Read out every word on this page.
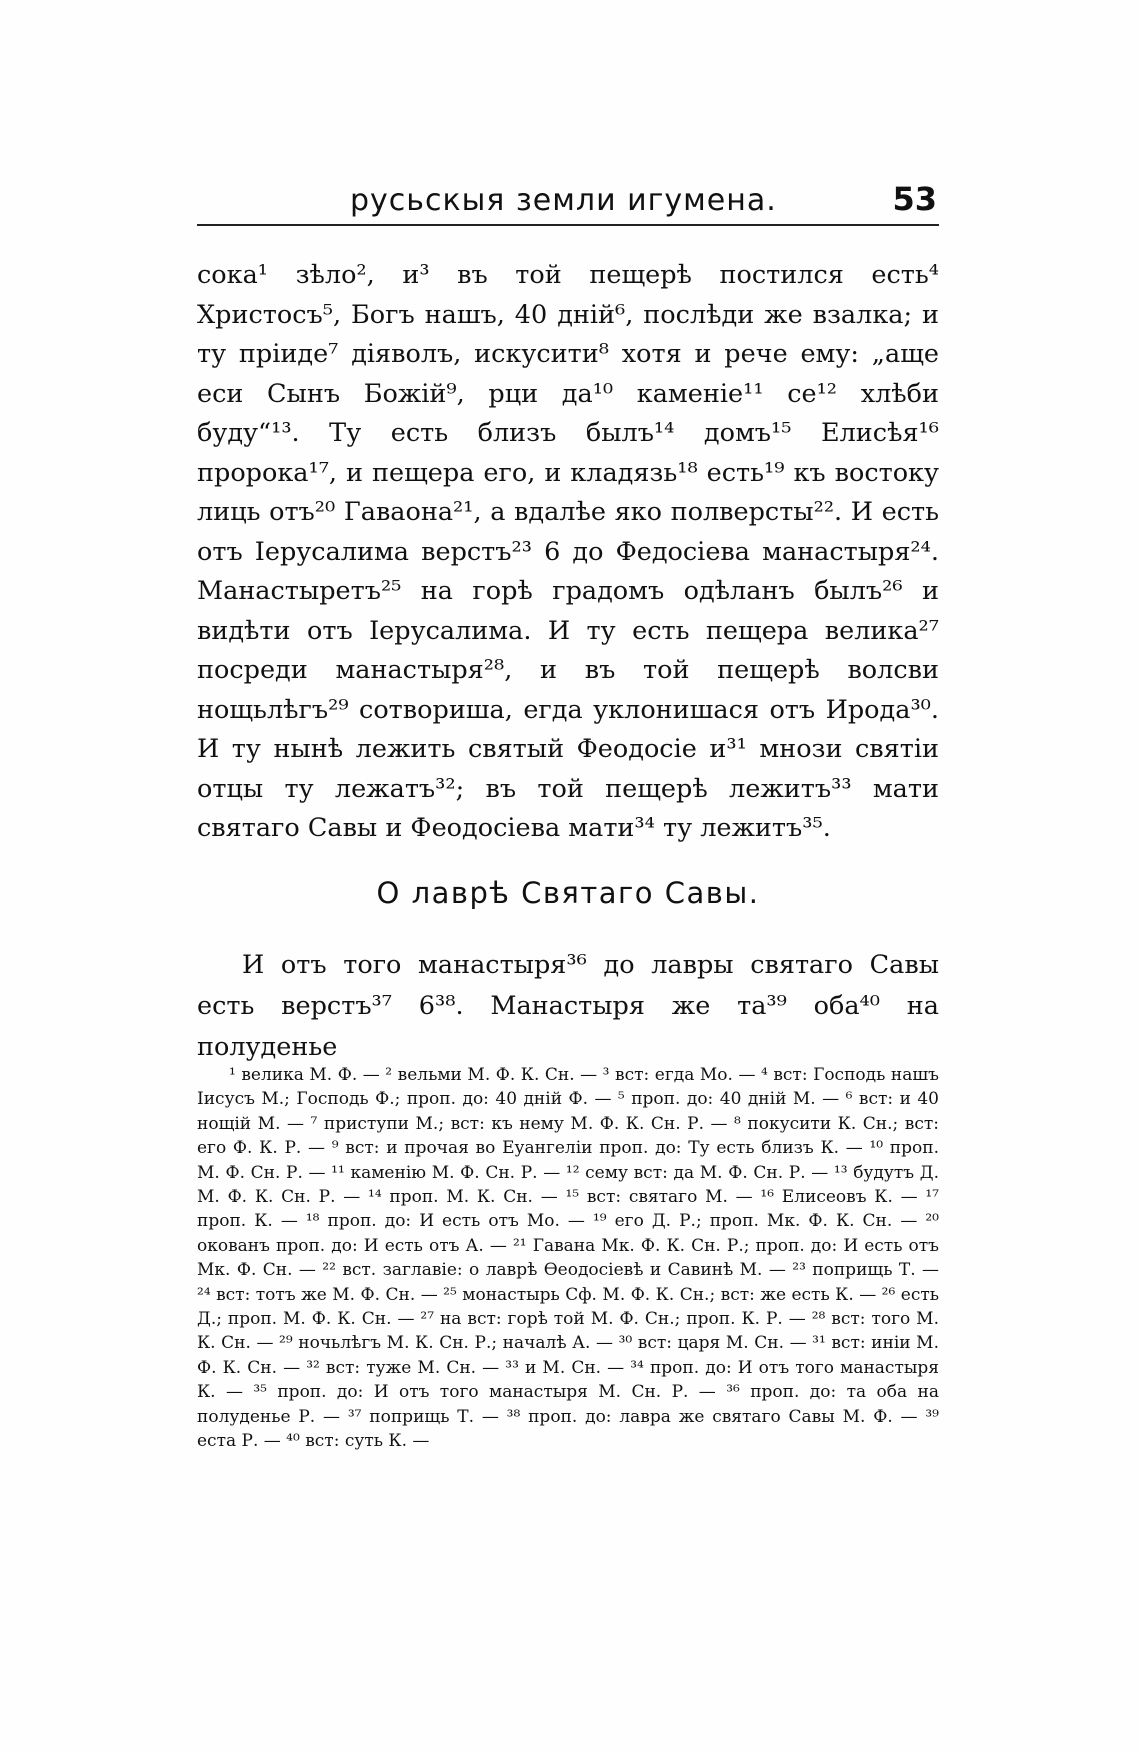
русьскыя земли игумена.	53

сока¹ зѣло², и³ въ той пещерѣ постился есть⁴ Христосъ⁵, Богъ нашъ, 40 днiй⁶, послѣди же взалка; и ту прiиде⁷ дiяволъ, искусити⁸ хотя и рече ему: „аще еси Сынъ Божiй⁹, рци да¹⁰ каменiе¹¹ се¹² хлѣби буду“¹³. Ту есть близъ былъ¹⁴ домъ¹⁵ Елисѣя¹⁶ пророка¹⁷, и пещера его, и кладязь¹⁸ есть¹⁹ къ востоку лиць отъ²⁰ Гаваона²¹, а вдалѣе яко полверсты²². И есть отъ Iерусалима верстъ²³ 6 до Федосiева манастыря²⁴. Манастыретъ²⁵ на горѣ градомъ одѣланъ былъ²⁶ и видѣти отъ Iерусалима. И ту есть пещера велика²⁷ посреди манастыря²⁸, и въ той пещерѣ волсви нощьлѣгъ²⁹ сотвориша, егда уклонишася отъ Ирода³⁰. И ту нынѣ лежить святый Феодосiе и³¹ мнози святiи отцы ту лежатъ³²; въ той пещерѣ лежитъ³³ мати святаго Савы и Феодосiева мати³⁴ ту лежитъ³⁵.

О лаврѣ Святаго Савы.

И отъ того манастыря³⁶ до лавры святаго Савы есть верстъ³⁷ 6³⁸. Манастыря же та³⁹ оба⁴⁰ на полуденье

¹ велика М. Ф. — ² вельми М. Ф. К. Сн. — ³ вст: егда Мо. — ⁴ вст: Господь нашъ Iисусъ М.; Господь Ф.; проп. до: 40 днiй Ф. — ⁵ проп. до: 40 днiй М. — ⁶ вст: и 40 нощiй М. — ⁷ приступи М.; вст: къ нему М. Ф. К. Сн. Р. — ⁸ покусити К. Сн.; вст: его Ф. К. Р. — ⁹ вст: и прочая во Еуангелiи проп. до: Ту есть близъ К. — ¹⁰ проп. М. Ф. Сн. Р. — ¹¹ каменiю М. Ф. Сн. Р. — ¹² сему вст: да М. Ф. Сн. Р. — ¹³ будутъ Д. М. Ф. К. Сн. Р. — ¹⁴ проп. М. К. Сн. — ¹⁵ вст: святаго М. — ¹⁶ Елисеовъ К. — ¹⁷ проп. К. — ¹⁸ проп. до: И есть отъ Мо. — ¹⁹ его Д. Р.; проп. Мк. Ф. К. Сн. — ²⁰ окованъ проп. до: И есть отъ А. — ²¹ Гавана Мк. Ф. К. Сн. Р.; проп. до: И есть отъ Мк. Ф. Сн. — ²² вст. заглавiе: о лаврѣ Ѳеодосiевѣ и Савинѣ М. — ²³ поприщь Т. — ²⁴ вст: тотъ же М. Ф. Сн. — ²⁵ монастырь Сф. М. Ф. К. Сн.; вст: же есть К. — ²⁶ есть Д.; проп. М. Ф. К. Сн. — ²⁷ на вст: горѣ той М. Ф. Сн.; проп. К. Р. — ²⁸ вст: того М. К. Сн. — ²⁹ ночьлѣгъ М. К. Сн. Р.; началѣ А. — ³⁰ вст: царя М. Сн. — ³¹ вст: инiи М. Ф. К. Сн. — ³² вст: туже М. Сн. — ³³ и М. Сн. — ³⁴ проп. до: И отъ того манастыря К. — ³⁵ проп. до: И отъ того манастыря М. Сн. Р. — ³⁶ проп. до: та оба на полуденье Р. — ³⁷ поприщь Т. — ³⁸ проп. до: лавра же святаго Савы М. Ф. — ³⁹ еста Р. — ⁴⁰ вст: суть К. —
